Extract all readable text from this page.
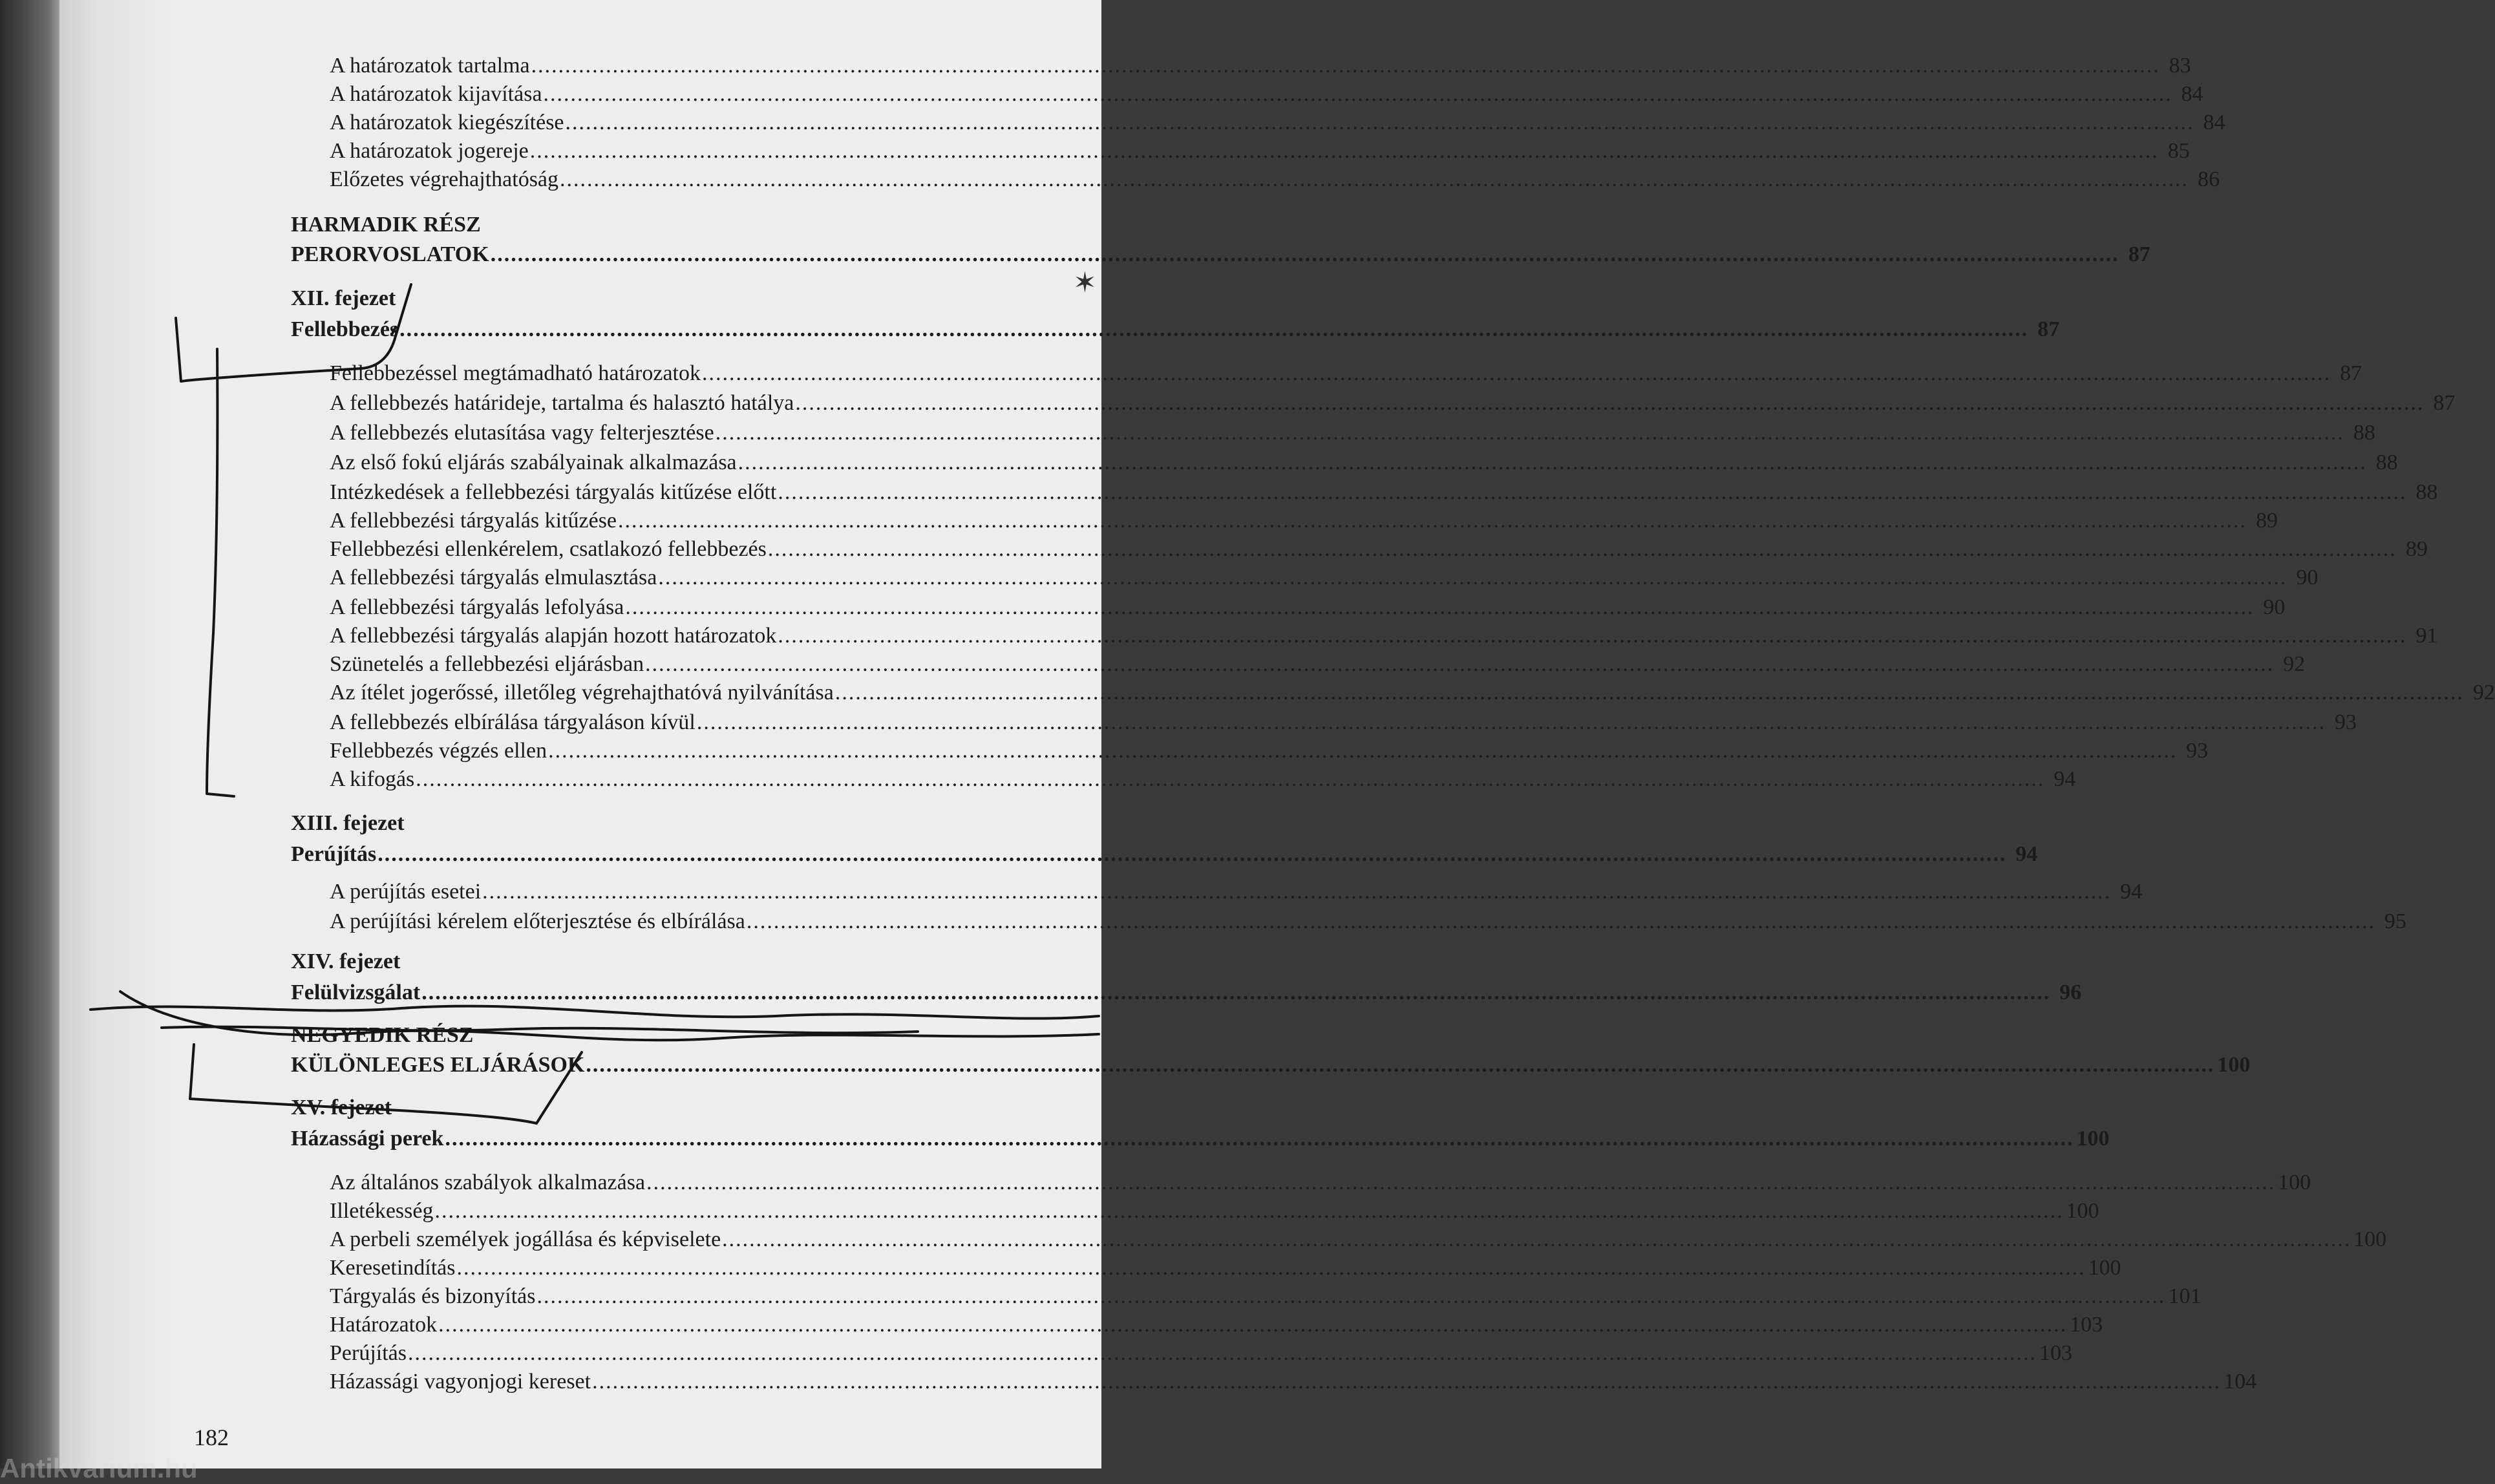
A határozatok tartalma .....	83
A határozatok kijavítása .....	84
A határozatok kiegészítése .....	84
A határozatok jogereje .....	85
Előzetes végrehajthatóság .....	86
HARMADIK RÉSZ
PERORVOSLATOK .....	87
XII. fejezet
Fellebbezés .....	87
Fellebbezéssel megtámadható határozatok .....	87
A fellebbezés határideje, tartalma és halasztó hatálya .....	87
A fellebbezés elutasítása vagy felterjesztése .....	88
Az első fokú eljárás szabályainak alkalmazása .....	88
Intézkedések a fellebbezési tárgyalás kitűzése előtt .....	88
A fellebbezési tárgyalás kitűzése .....	89
Fellebbezési ellenkérelem, csatlakozó fellebbezés .....	89
A fellebbezési tárgyalás elmulasztása .....	90
A fellebbezési tárgyalás lefolyása .....	90
A fellebbezési tárgyalás alapján hozott határozatok .....	91
Szünetelés a fellebbezési eljárásban .....	92
Az ítélet jogerőssé, illetőleg végrehajthatóvá nyilvánítása .....	92
A fellebbezés elbírálása tárgyaláson kívül .....	93
Fellebbezés végzés ellen .....	93
A kifogás .....	94
XIII. fejezet
Perújítás .....	94
A perújítás esetei .....	94
A perújítási kérelem előterjesztése és elbírálása .....	95
XIV. fejezet
Felülvizsgálat .....	96
NEGYEDIK RÉSZ
KÜLÖNLEGES ELJÁRÁSOK .....	100
XV. fejezet
Házassági perek .....	100
Az általános szabályok alkalmazása .....	100
Illetékesség .....	100
A perbeli személyek jogállása és képviselete .....	100
Keresetindítás .....	100
Tárgyalás és bizonyítás .....	101
Határozatok .....	103
Perújítás .....	103
Házassági vagyonjogi kereset .....	104
182
Antikvárium.hu
✶
